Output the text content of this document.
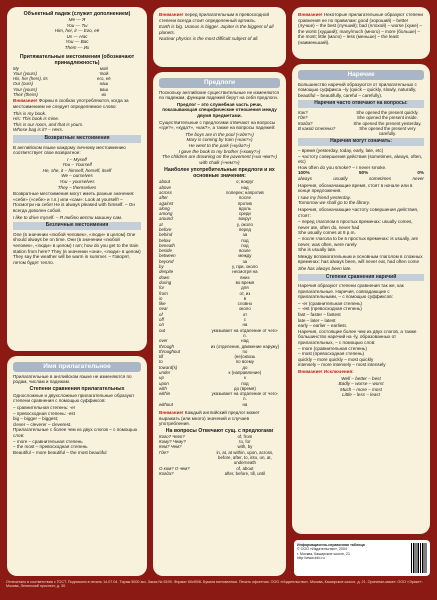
Объектный падеж (служит дополнением)
Me — Я
You — Ты
Him, her, it — Его, её
Us — Нас
You — Вас
Them — Их
Притяжательные местоимения (обозначают принадлежность)
My	мой
Your (yours)	твой
His, her (hers), its	его, её
Our (ours)	наш
Your (yours)	ваш
Their (theirs)	их

Внимание! Формы в скобках употребляются, когда за местоимением не следует определяемое слово:

This is my book.
His: This book is mine.
This is our room, and that is yours.
Whose bag is it? – Hers.
Возвратные местоимения

В английском языке каждому личному местоимению соответствует свое возвратное:

I – Myself
You – Yourself
He, she, it – himself, herself, itself
We – ourselves
You – yourselves
They – themselves

Возвратные местоимения могут иметь разные значения: «себя» («себе» и т.п.) или «сам»: Look at yourself! – Посмотри на себя! He is always pleased with himself. – Он всегда доволен собой.

I like to drive myself. – Я люблю вести машину сам.

Безличные местоимения

One (в значении «любой человек», «люди» в целом) One should always be on time. Они (в значении «любой человек», «люди» в целом) I am; how do you get to the train station from here? They (в значении «они», «люди» в целом) They say the weather will be warm in summer. – Говорят, летом будет тепло.

Имя прилагательное

Прилагательные в английском языке не изменяются по родам, числам и падежам.

Степени сравнения прилагательных

Односложные и двухсложные прилагательные образуют степени сравнения с помощью суффиксов:

– сравнительная степень: -er
– превосходная степень: -est
big – bigger – biggest;
clever – cleverer – cleverest.
Прилагательные с более чем из двух слогов – с помощью слов:
– more – сравнительная степень
– the most – превосходная степень
Beautiful – more beautiful – the most beautiful

Внимание! перед прилагательным в превосходной степени всегда стоит определенный артикль.

Earth is big. Uranus is bigger. Jupiter is the biggest of all planets.

Nuclear physics is the most difficult subject of all.

Предлоги

Поскольку английские существительные не изменяются по падежам, функции падежей берут на себя предлоги.

Предлог – это служебная часть речи, показывающая специфические отношения между двумя предметами.

Существительные с предлогами отвечают на вопросы «где?», «куда?», «как?», а также на вопросы падежей:

The boys are in the pool («где?»)
Mary is coming by train («как?»)
He went to the park («куда?»)
I gave the book to my brother («кому?»)
The children are drowning on the pavement («на чем?») with chalk («чем?»)
Наиболее употребительные предлоги и их основные значения:
about	о; вокруг
above	над
across	поперек; напротив
after	после
against	против
along	вдоль
among	среди
around	вокруг
at	у, около
before	перед
behind	за
below	под
beneath	под
beside	возле
between	между
beyond	за
by	у, при, около
despite	несмотря на
down	вниз
during	во время
for	для
from	от, из
in	в
like	словно
near	около
of	от
off	с
on	на
out	указывает на отдаление от чего-л.
over	над
through	из (отделение, движение наружу)
throughout	по
till	(не)сквозь
to	по всему
toward(s)	до
under	к (направление)
up	к
upon	под
with	до (время)
within	указывает на отдаление от чего-л.
without	на

Внимание! Каждый английский предлог может выражать (или много) значений и случаев употребления.

На вопросы Отвечают сущ. с предлогами
Кого? Чего?	of, from
Кому? Чему?	to, for
Кем? Чем?	with, by
Где?	in, at, at within, upon, across, before, after, to, into, on, at, underneath
О ком? О чем?	of, about
Когда?	after, before, till, until

Внимание! Некоторые прилагательные образуют степени сравнения не по правилам: good (хороший) – better (лучше) – the best (лучший); bad (плохой) – worse (хуже) – the worst (худший); many/much (много) – more (больше) – the most; little (мало) – less (меньше) – the least (наименьший).

Наречие

Большинство наречий образуются от прилагательных с помощью суффикса –ly (quick – quickly, slowly, naturally, beautiful – beautifully, careful – carefully).

Наречия часто отвечают на вопросы:
Как?	She opened the present quickly.
Где?	She opened the present inside.
Когда?	She opened the present yesterday.
В какой степени?	She opened the present very carefully.
Наречия могут означать:
– время (yesterday, today, early, late, etc)
– частоту совершения действия (sometimes, always, often, etc)
How often do you smoke? – I never smoke.
100%	50%	0%
always	usually	sometimes	never

Наречия, обозначающие время, стоят в начале или в конце предложения.

I saw my friend yesterday.
Tomorrow we shall go to the library.

Наречия, обозначающие частоту совершения действия, стоят:

– перед глаголом в простых временах: usually comes, never ate, often do, never had
She usually comes at 8 p.m.
– после глагола to be в простых временах: is usually, are never, was often, were rarely
She is usually late.

Между вспомогательным и основным глаголом в сложных временах: has always been, will never eat, had often come

She has always been late.

Степени сравнения наречий

Наречия образуют степени сравнения так же, как прилагательные. Наречия, совпадающие с прилагательными, – с помощью суффиксов:

– -er (сравнительная степень)
– -est (превосходная степень)
fast – faster – fastest
late – later – latest
early – earlier – earliest.
Наречия, состоящие более чем из двух слогов, а также большинство наречий на -ly, образованных от прилагательных, – с помощью слов:
– more (сравнительная степень)
– most (превосходная степень)
quickly – more quickly – most quickly
intensely – more intensely – most intensely

Внимание! Исключения:

Well – better – best
Badly – worse – worst
Much – more – most
Little – less – least
Информационно-справочная таблица
© ООО «Издательство», 2004
г. Москва, Каширское шоссе, 21
http://www.info.ru
Отпечатано в соответствии с ГОСТ. Подписано в печать 14.07.04. Тираж 5000 экз. Заказ № 5199. Формат 60х90/8. Бумага мелованная. Печать офсетная. ООО «Издательство». Москва, Каширское шоссе, д. 21. Оригинал-макет: ООО «Эрике». Москва, Ленинский проспект, д. 30.
